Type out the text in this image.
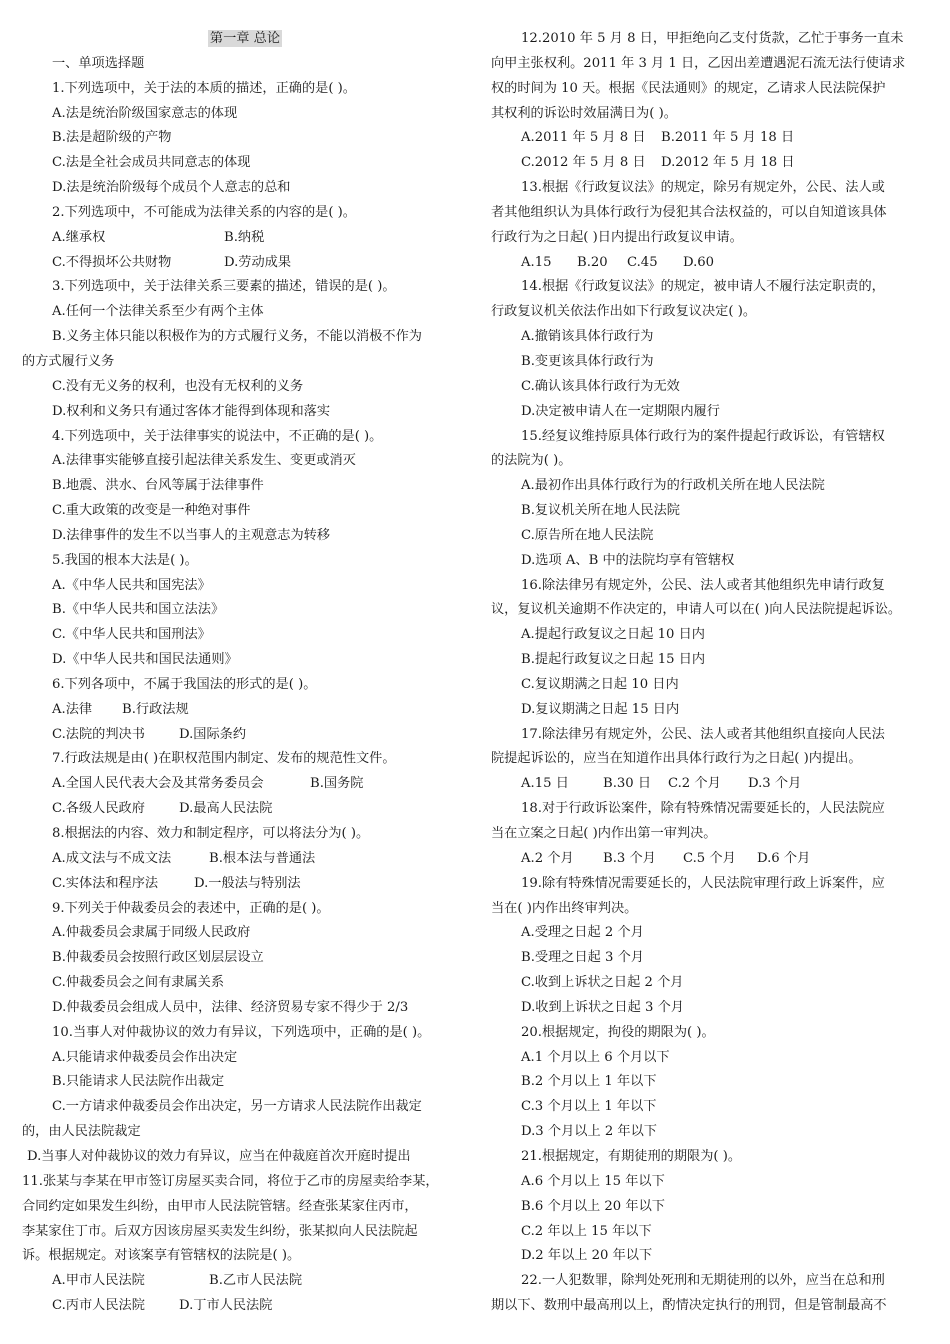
第一章 总论
一、单项选择题
1.下列选项中，关于法的本质的描述，正确的是( )。
A.法是统治阶级国家意志的体现
B.法是超阶级的产物
C.法是全社会成员共同意志的体现
D.法是统治阶级每个成员个人意志的总和
2.下列选项中，不可能成为法律关系的内容的是( )。
A.继承权	B.纳税
C.不得损坏公共财物	D.劳动成果
3.下列选项中，关于法律关系三要素的描述，错误的是( )。
A.任何一个法律关系至少有两个主体
B.义务主体只能以积极作为的方式履行义务，不能以消极不作为
的方式履行义务
C.没有无义务的权利，也没有无权利的义务
D.权利和义务只有通过客体才能得到体现和落实
4.下列选项中，关于法律事实的说法中，不正确的是( )。
A.法律事实能够直接引起法律关系发生、变更或消灭
B.地震、洪水、台风等属于法律事件
C.重大政策的改变是一种绝对事件
D.法律事件的发生不以当事人的主观意志为转移
5.我国的根本大法是( )。
A.《中华人民共和国宪法》
B.《中华人民共和国立法法》
C.《中华人民共和国刑法》
D.《中华人民共和国民法通则》
6.下列各项中，不属于我国法的形式的是( )。
A.法律 B.行政法规
C.法院的判决书	D.国际条约
7.行政法规是由( )在职权范围内制定、发布的规范性文件。
A.全国人民代表大会及其常务委员会	B.国务院
C.各级人民政府	D.最高人民法院
8.根据法的内容、效力和制定程序，可以将法分为( )。
A.成文法与不成文法	B.根本法与普通法
C.实体法和程序法	D.一般法与特别法
9.下列关于仲裁委员会的表述中，正确的是( )。
A.仲裁委员会隶属于同级人民政府
B.仲裁委员会按照行政区划层层设立
C.仲裁委员会之间有隶属关系
D.仲裁委员会组成人员中，法律、经济贸易专家不得少于 2/3
10.当事人对仲裁协议的效力有异议，下列选项中，正确的是( )。
A.只能请求仲裁委员会作出决定
B.只能请求人民法院作出裁定
C.一方请求仲裁委员会作出决定，另一方请求人民法院作出裁定
的，由人民法院裁定
D.当事人对仲裁协议的效力有异议，应当在仲裁庭首次开庭时提出
11.张某与李某在甲市签订房屋买卖合同，将位于乙市的房屋卖给李某，
合同约定如果发生纠纷，由甲市人民法院管辖。经查张某家住丙市，
李某家住丁市。后双方因该房屋买卖发生纠纷，张某拟向人民法院起
诉。根据规定。对该案享有管辖权的法院是( )。
A.甲市人民法院	B.乙市人民法院
C.丙市人民法院	D.丁市人民法院
12.2010 年 5 月 8 日，甲拒绝向乙支付货款，乙忙于事务一直未
向甲主张权利。2011 年 3 月 1 日，乙因出差遭遇泥石流无法行使请求
权的时间为 10 天。根据《民法通则》的规定，乙请求人民法院保护
其权利的诉讼时效届满日为( )。
A.2011 年 5 月 8 日 B.2011 年 5 月 18 日
C.2012 年 5 月 8 日 D.2012 年 5 月 18 日
13.根据《行政复议法》的规定，除另有规定外，公民、法人或
者其他组织认为具体行政行为侵犯其合法权益的，可以自知道该具体
行政行为之日起( )日内提出行政复议申请。
A.15 B.20 C.45 D.60
14.根据《行政复议法》的规定，被申请人不履行法定职责的，
行政复议机关依法作出如下行政复议决定( )。
A.撤销该具体行政行为
B.变更该具体行政行为
C.确认该具体行政行为无效
D.决定被申请人在一定期限内履行
15.经复议维持原具体行政行为的案件提起行政诉讼，有管辖权
的法院为( )。
A.最初作出具体行政行为的行政机关所在地人民法院
B.复议机关所在地人民法院
C.原告所在地人民法院
D.选项 A、B 中的法院均享有管辖权
16.除法律另有规定外，公民、法人或者其他组织先申请行政复
议，复议机关逾期不作决定的，申请人可以在( )向人民法院提起诉讼。
A.提起行政复议之日起 10 日内
B.提起行政复议之日起 15 日内
C.复议期满之日起 10 日内
D.复议期满之日起 15 日内
17.除法律另有规定外，公民、法人或者其他组织直接向人民法
院提起诉讼的，应当在知道作出具体行政行为之日起( )内提出。
A.15 日	B.30 日 C.2 个月 D.3 个月
18.对于行政诉讼案件，除有特殊情况需要延长的，人民法院应
当在立案之日起( )内作出第一审判决。
A.2 个月 B.3 个月 C.5 个月 D.6 个月
19.除有特殊情况需要延长的，人民法院审理行政上诉案件，应
当在( )内作出终审判决。
A.受理之日起 2 个月
B.受理之日起 3 个月
C.收到上诉状之日起 2 个月
D.收到上诉状之日起 3 个月
20.根据规定，拘役的期限为( )。
A.1 个月以上 6 个月以下
B.2 个月以上 1 年以下
C.3 个月以上 1 年以下
D.3 个月以上 2 年以下
21.根据规定，有期徒刑的期限为( )。
A.6 个月以上 15 年以下
B.6 个月以上 20 年以下
C.2 年以上 15 年以下
D.2 年以上 20 年以下
22.一人犯数罪，除判处死刑和无期徒刑的以外，应当在总和刑
期以下、数刑中最高刑以上，酌情决定执行的刑罚，但是管制最高不
